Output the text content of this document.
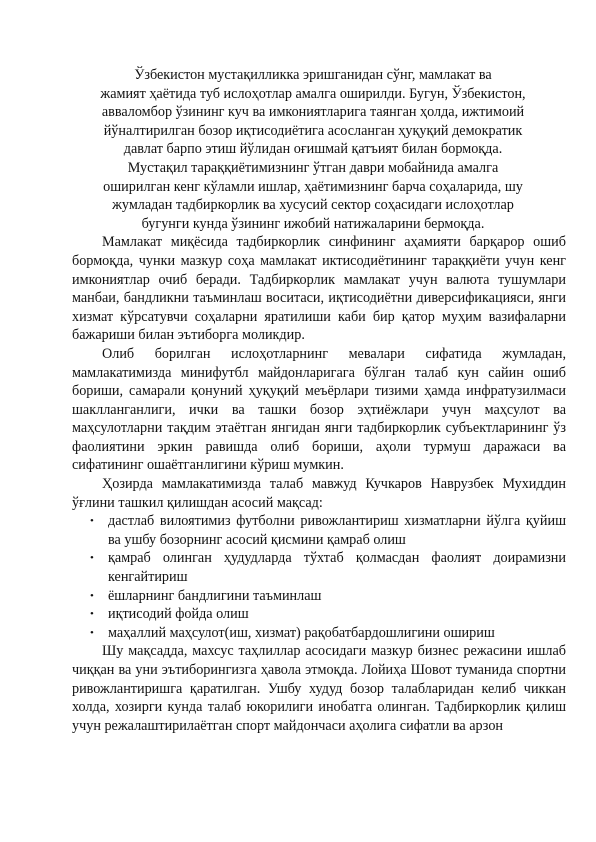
Ўзбекистон мустақилликка эришганидан сўнг, мамлакат ва

жамият ҳаётида туб ислоҳотлар амалга оширилди. Бугун, Ўзбекистон,

авваломбор ўзининг куч ва имкониятларига таянган ҳолда, ижтимоий

йўналтирилган бозор иқтисодиётига асосланган ҳуқуқий демократик

давлат барпо этиш йўлидан оғишмай қатъият билан бормоқда.

Мустақил тараққиётимизнинг ўтган даври мобайнида амалга

оширилган кенг кўламли ишлар, ҳаётимизнинг барча соҳаларида, шу

жумладан тадбиркорлик ва хусусий сектор соҳасидаги ислоҳотлар

бугунги кунда ўзининг ижобий натижаларини бермоқда.

Мамлакат миқёсида тадбиркорлик синфининг аҳамияти барқарор ошиб бормоқда, чунки мазкур соҳа мамлакат иктисодиётининг тараққиёти учун кенг имкониятлар очиб беради. Тадбиркорлик мамлакат учун валюта тушумлари манбаи, бандликни таъминлаш воситаси, иқтисодиётни диверсификацияси, янги хизмат кўрсатувчи соҳаларни яратилиши каби бир қатор муҳим вазифаларни бажариши билан эътиборга моликдир.

Олиб борилган ислоҳотларнинг мевалари сифатида жумладан, мамлакатимизда минифутбл майдонларигага бўлган талаб кун сайин ошиб бориши, самарали қонуний ҳуқуқий меъёрлари тизими ҳамда инфратузилмаси шаклланганлиги, ички ва ташки бозор эҳтиёжлари учун маҳсулот ва маҳсулотларни тақдим этаётган янгидан янги тадбиркорлик субъектларининг ўз фаолиятини эркин равишда олиб бориши, аҳоли турмуш даражаси ва сифатининг ошаётганлигини кўриш мумкин.

Ҳозирда мамлакатимизда талаб мавжуд Кучкаров Наврузбек Мухиддин ўғлини ташкил қилишдан асосий мақсад:

• дастлаб вилоятимиз футболни ривожлантириш хизматларни йўлга қуйиш ва ушбу бозорнинг асосий қисмини қамраб олиш
• қамраб олинган ҳудудларда тўхтаб қолмасдан фаолият доирамизни кенгайтириш
• ёшларнинг бандлигини таъминлаш
• иқтисодий фойда олиш
• маҳаллий маҳсулот(иш, хизмат) рақобатбардошлигини ошириш

Шу мақсадда, махсус таҳлиллар асосидаги мазкур бизнес режасини ишлаб чиққан ва уни эътиборингизга ҳавола этмоқда. Лойиҳа Шовот туманида спортни ривожлантиришга қаратилган. Ушбу худуд бозор талабларидан келиб чиккан холда, хозирги кунда талаб юкорилиги инобатга олинган. Тадбиркорлик қилиш учун режалаштирилаётган спорт майдончаси аҳолига сифатли ва арзон
